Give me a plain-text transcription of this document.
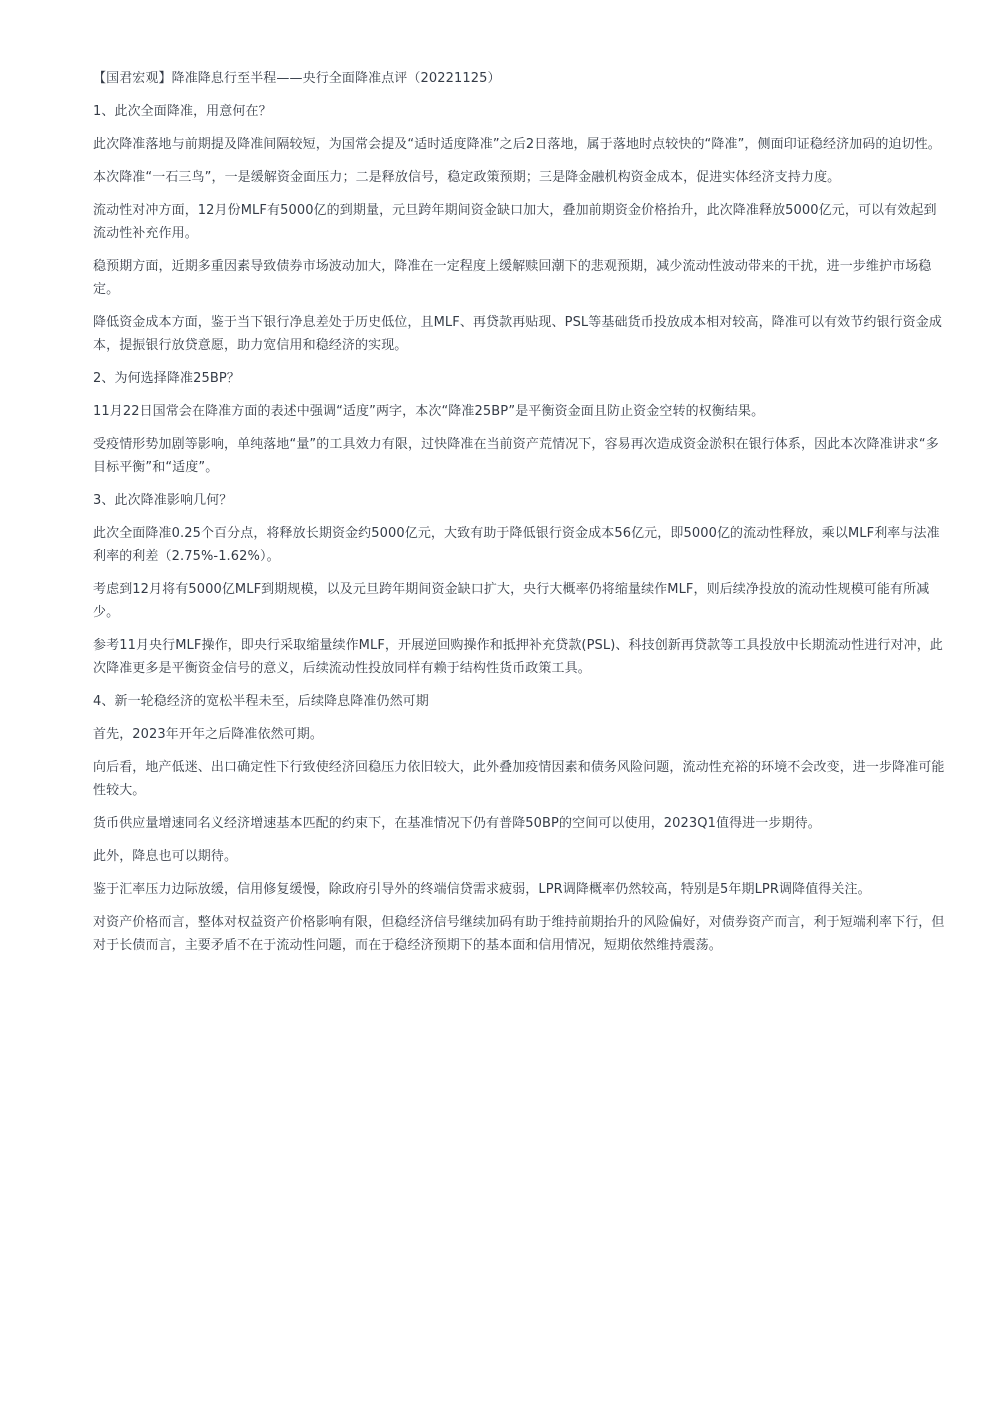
【国君宏观】降准降息行至半程——央行全面降准点评（20221125）

1、此次全面降准，用意何在？

此次降准落地与前期提及降准间隔较短，为国常会提及“适时适度降准”之后2日落地，属于落地时点较快的“降准”，侧面印证稳经济加码的迫切性。

本次降准“一石三鸟”，一是缓解资金面压力；二是释放信号，稳定政策预期；三是降金融机构资金成本，促进实体经济支持力度。

流动性对冲方面，12月份MLF有5000亿的到期量，元旦跨年期间资金缺口加大，叠加前期资金价格抬升，此次降准释放5000亿元，可以有效起到流动性补充作用。

稳预期方面，近期多重因素导致债券市场波动加大，降准在一定程度上缓解赎回潮下的悲观预期，减少流动性波动带来的干扰，进一步维护市场稳定。

降低资金成本方面，鉴于当下银行净息差处于历史低位，且MLF、再贷款再贴现、PSL等基础货币投放成本相对较高，降准可以有效节约银行资金成本，提振银行放贷意愿，助力宽信用和稳经济的实现。

2、为何选择降准25BP？

11月22日国常会在降准方面的表述中强调“适度”两字，本次“降准25BP”是平衡资金面且防止资金空转的权衡结果。

受疫情形势加剧等影响，单纯落地“量”的工具效力有限，过快降准在当前资产荒情况下，容易再次造成资金淤积在银行体系，因此本次降准讲求“多目标平衡”和“适度”。

3、此次降准影响几何？

此次全面降准0.25个百分点，将释放长期资金约5000亿元，大致有助于降低银行资金成本56亿元，即5000亿的流动性释放，乘以MLF利率与法准利率的利差（2.75%-1.62%）。

考虑到12月将有5000亿MLF到期规模，以及元旦跨年期间资金缺口扩大，央行大概率仍将缩量续作MLF，则后续净投放的流动性规模可能有所减少。

参考11月央行MLF操作，即央行采取缩量续作MLF，开展逆回购操作和抵押补充贷款(PSL)、科技创新再贷款等工具投放中长期流动性进行对冲，此次降准更多是平衡资金信号的意义，后续流动性投放同样有赖于结构性货币政策工具。

4、新一轮稳经济的宽松半程未至，后续降息降准仍然可期

首先，2023年开年之后降准依然可期。

向后看，地产低迷、出口确定性下行致使经济回稳压力依旧较大，此外叠加疫情因素和债务风险问题，流动性充裕的环境不会改变，进一步降准可能性较大。

货币供应量增速同名义经济增速基本匹配的约束下，在基准情况下仍有普降50BP的空间可以使用，2023Q1值得进一步期待。

此外，降息也可以期待。

鉴于汇率压力边际放缓，信用修复缓慢，除政府引导外的终端信贷需求疲弱，LPR调降概率仍然较高，特别是5年期LPR调降值得关注。

对资产价格而言，整体对权益资产价格影响有限，但稳经济信号继续加码有助于维持前期抬升的风险偏好，对债券资产而言，利于短端利率下行，但对于长债而言，主要矛盾不在于流动性问题，而在于稳经济预期下的基本面和信用情况，短期依然维持震荡。
